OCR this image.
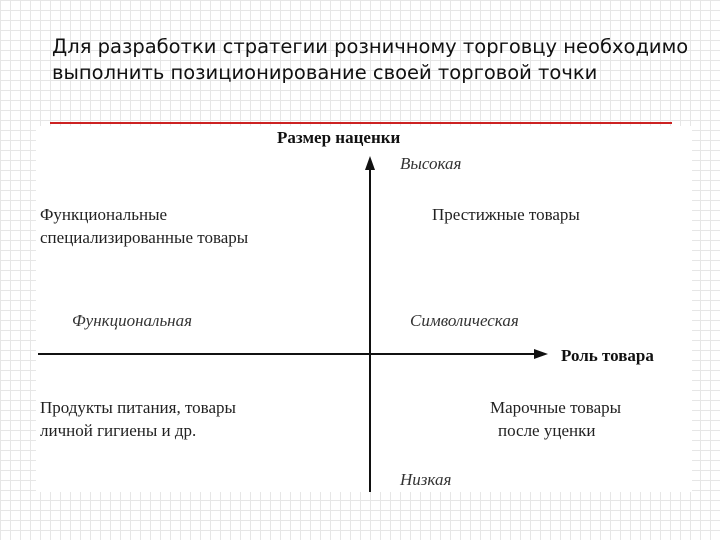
Для разработки стратегии розничному торговцу необходимо выполнить позиционирование своей торговой точки
Размер наценки
Высокая
Функциональные
специализированные товары
Престижные товары
Функциональная	Символическая
Роль товара
Продукты питания, товары
личной гигиены и др.
Марочные товары
после уценки
Низкая
